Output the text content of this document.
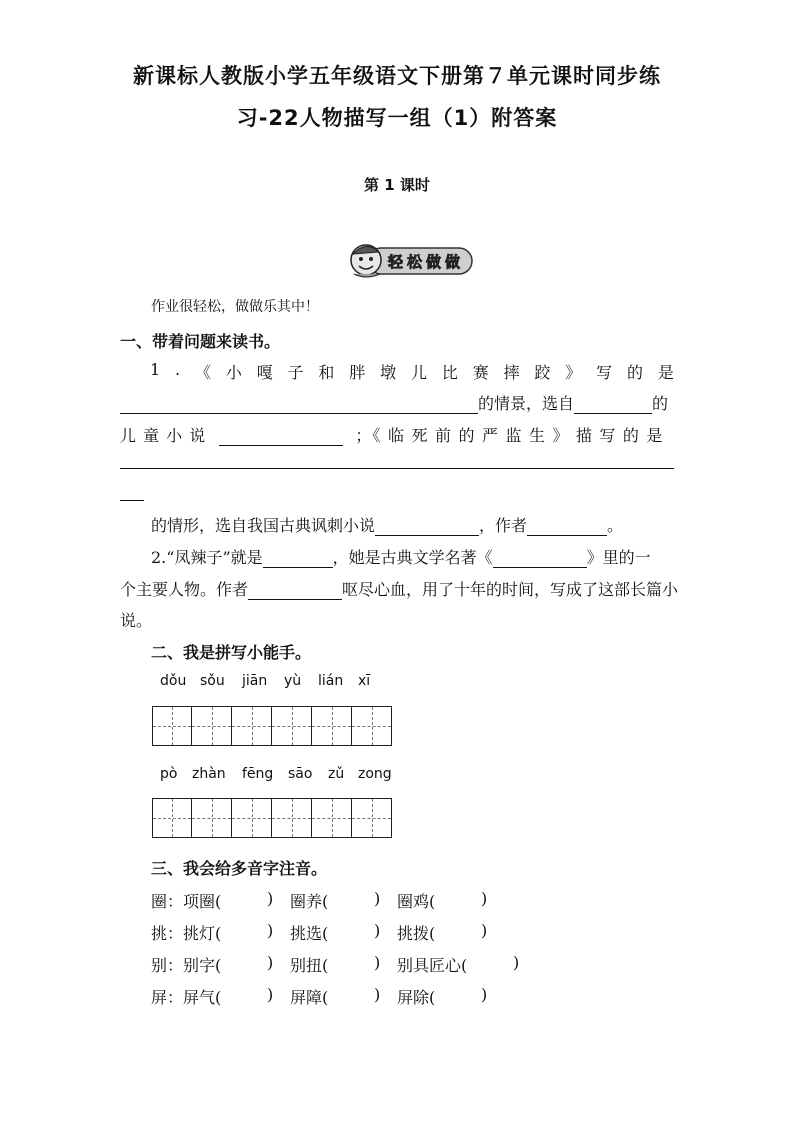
新课标人教版小学五年级语文下册第７单元课时同步练
习-22人物描写一组（1）附答案
第 1 课时
轻松做做
作业很轻松，做做乐其中！
一、带着问题来读书。
1 . 《 小 嘎 子 和 胖 墩 儿 比 赛 摔 跤 》 写 的 是
的情景，选自	的
儿 童 小 说	；《 临 死 前 的 严 监 生 》 描 写 的 是
的情形，选自我国古典讽刺小说	，作者	。
2.“凤辣子”就是	，她是古典文学名著《	》里的一
个主要人物。作者	呕尽心血，用了十年的时间，写成了这部长篇小
说。
二、我是拼写小能手。
dǒu sǒu jiān yù lián xī
pò zhàn fēng sāo zǔ zong
三、我会给多音字注音。
圈： 项圈(	) 圈养(	) 圈鸡(	)
挑： 挑灯(	) 挑选(	) 挑拨(	)
别： 别字(	) 别扭(	) 别具匠心(	)
屏： 屏气(	) 屏障(	) 屏除(	)
